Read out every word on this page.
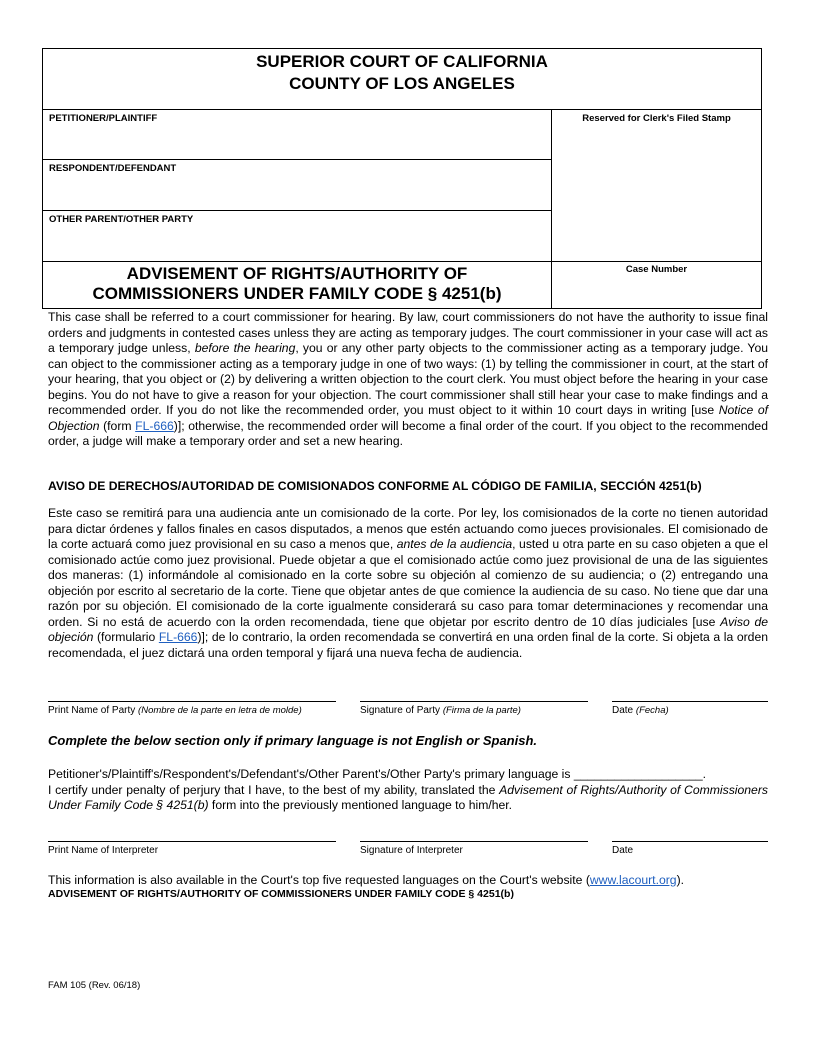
SUPERIOR COURT OF CALIFORNIA
COUNTY OF LOS ANGELES
PETITIONER/PLAINTIFF
RESPONDENT/DEFENDANT
OTHER PARENT/OTHER PARTY
Reserved for Clerk's Filed Stamp
ADVISEMENT OF RIGHTS/AUTHORITY OF
COMMISSIONERS UNDER FAMILY CODE § 4251(b)
Case Number
This case shall be referred to a court commissioner for hearing. By law, court commissioners do not have the authority to issue final orders and judgments in contested cases unless they are acting as temporary judges. The court commissioner in your case will act as a temporary judge unless, before the hearing, you or any other party objects to the commissioner acting as a temporary judge. You can object to the commissioner acting as a temporary judge in one of two ways: (1) by telling the commissioner in court, at the start of your hearing, that you object or (2) by delivering a written objection to the court clerk. You must object before the hearing in your case begins. You do not have to give a reason for your objection. The court commissioner shall still hear your case to make findings and a recommended order. If you do not like the recommended order, you must object to it within 10 court days in writing [use Notice of Objection (form FL-666)]; otherwise, the recommended order will become a final order of the court. If you object to the recommended order, a judge will make a temporary order and set a new hearing.
AVISO DE DERECHOS/AUTORIDAD DE COMISIONADOS CONFORME AL CÓDIGO DE FAMILIA, SECCIÓN 4251(b)
Este caso se remitirá para una audiencia ante un comisionado de la corte. Por ley, los comisionados de la corte no tienen autoridad para dictar órdenes y fallos finales en casos disputados, a menos que estén actuando como jueces provisionales. El comisionado de la corte actuará como juez provisional en su caso a menos que, antes de la audiencia, usted u otra parte en su caso objeten a que el comisionado actúe como juez provisional. Puede objetar a que el comisionado actúe como juez provisional de una de las siguientes dos maneras: (1) informándole al comisionado en la corte sobre su objeción al comienzo de su audiencia; o (2) entregando una objeción por escrito al secretario de la corte. Tiene que objetar antes de que comience la audiencia de su caso. No tiene que dar una razón por su objeción. El comisionado de la corte igualmente considerará su caso para tomar determinaciones y recomendar una orden. Si no está de acuerdo con la orden recomendada, tiene que objetar por escrito dentro de 10 días judiciales [use Aviso de objeción (formulario FL-666)]; de lo contrario, la orden recomendada se convertirá en una orden final de la corte. Si objeta a la orden recomendada, el juez dictará una orden temporal y fijará una nueva fecha de audiencia.
Print Name of Party (Nombre de la parte en letra de molde)	Signature of Party (Firma de la parte)	Date (Fecha)
Complete the below section only if primary language is not English or Spanish.
Petitioner's/Plaintiff's/Respondent's/Defendant's/Other Parent's/Other Party's primary language is ___________________.
I certify under penalty of perjury that I have, to the best of my ability, translated the Advisement of Rights/Authority of Commissioners Under Family Code § 4251(b) form into the previously mentioned language to him/her.
Print Name of Interpreter	Signature of Interpreter	Date
This information is also available in the Court's top five requested languages on the Court's website (www.lacourt.org).
ADVISEMENT OF RIGHTS/AUTHORITY OF COMMISSIONERS UNDER FAMILY CODE § 4251(b)
FAM 105 (Rev. 06/18)
